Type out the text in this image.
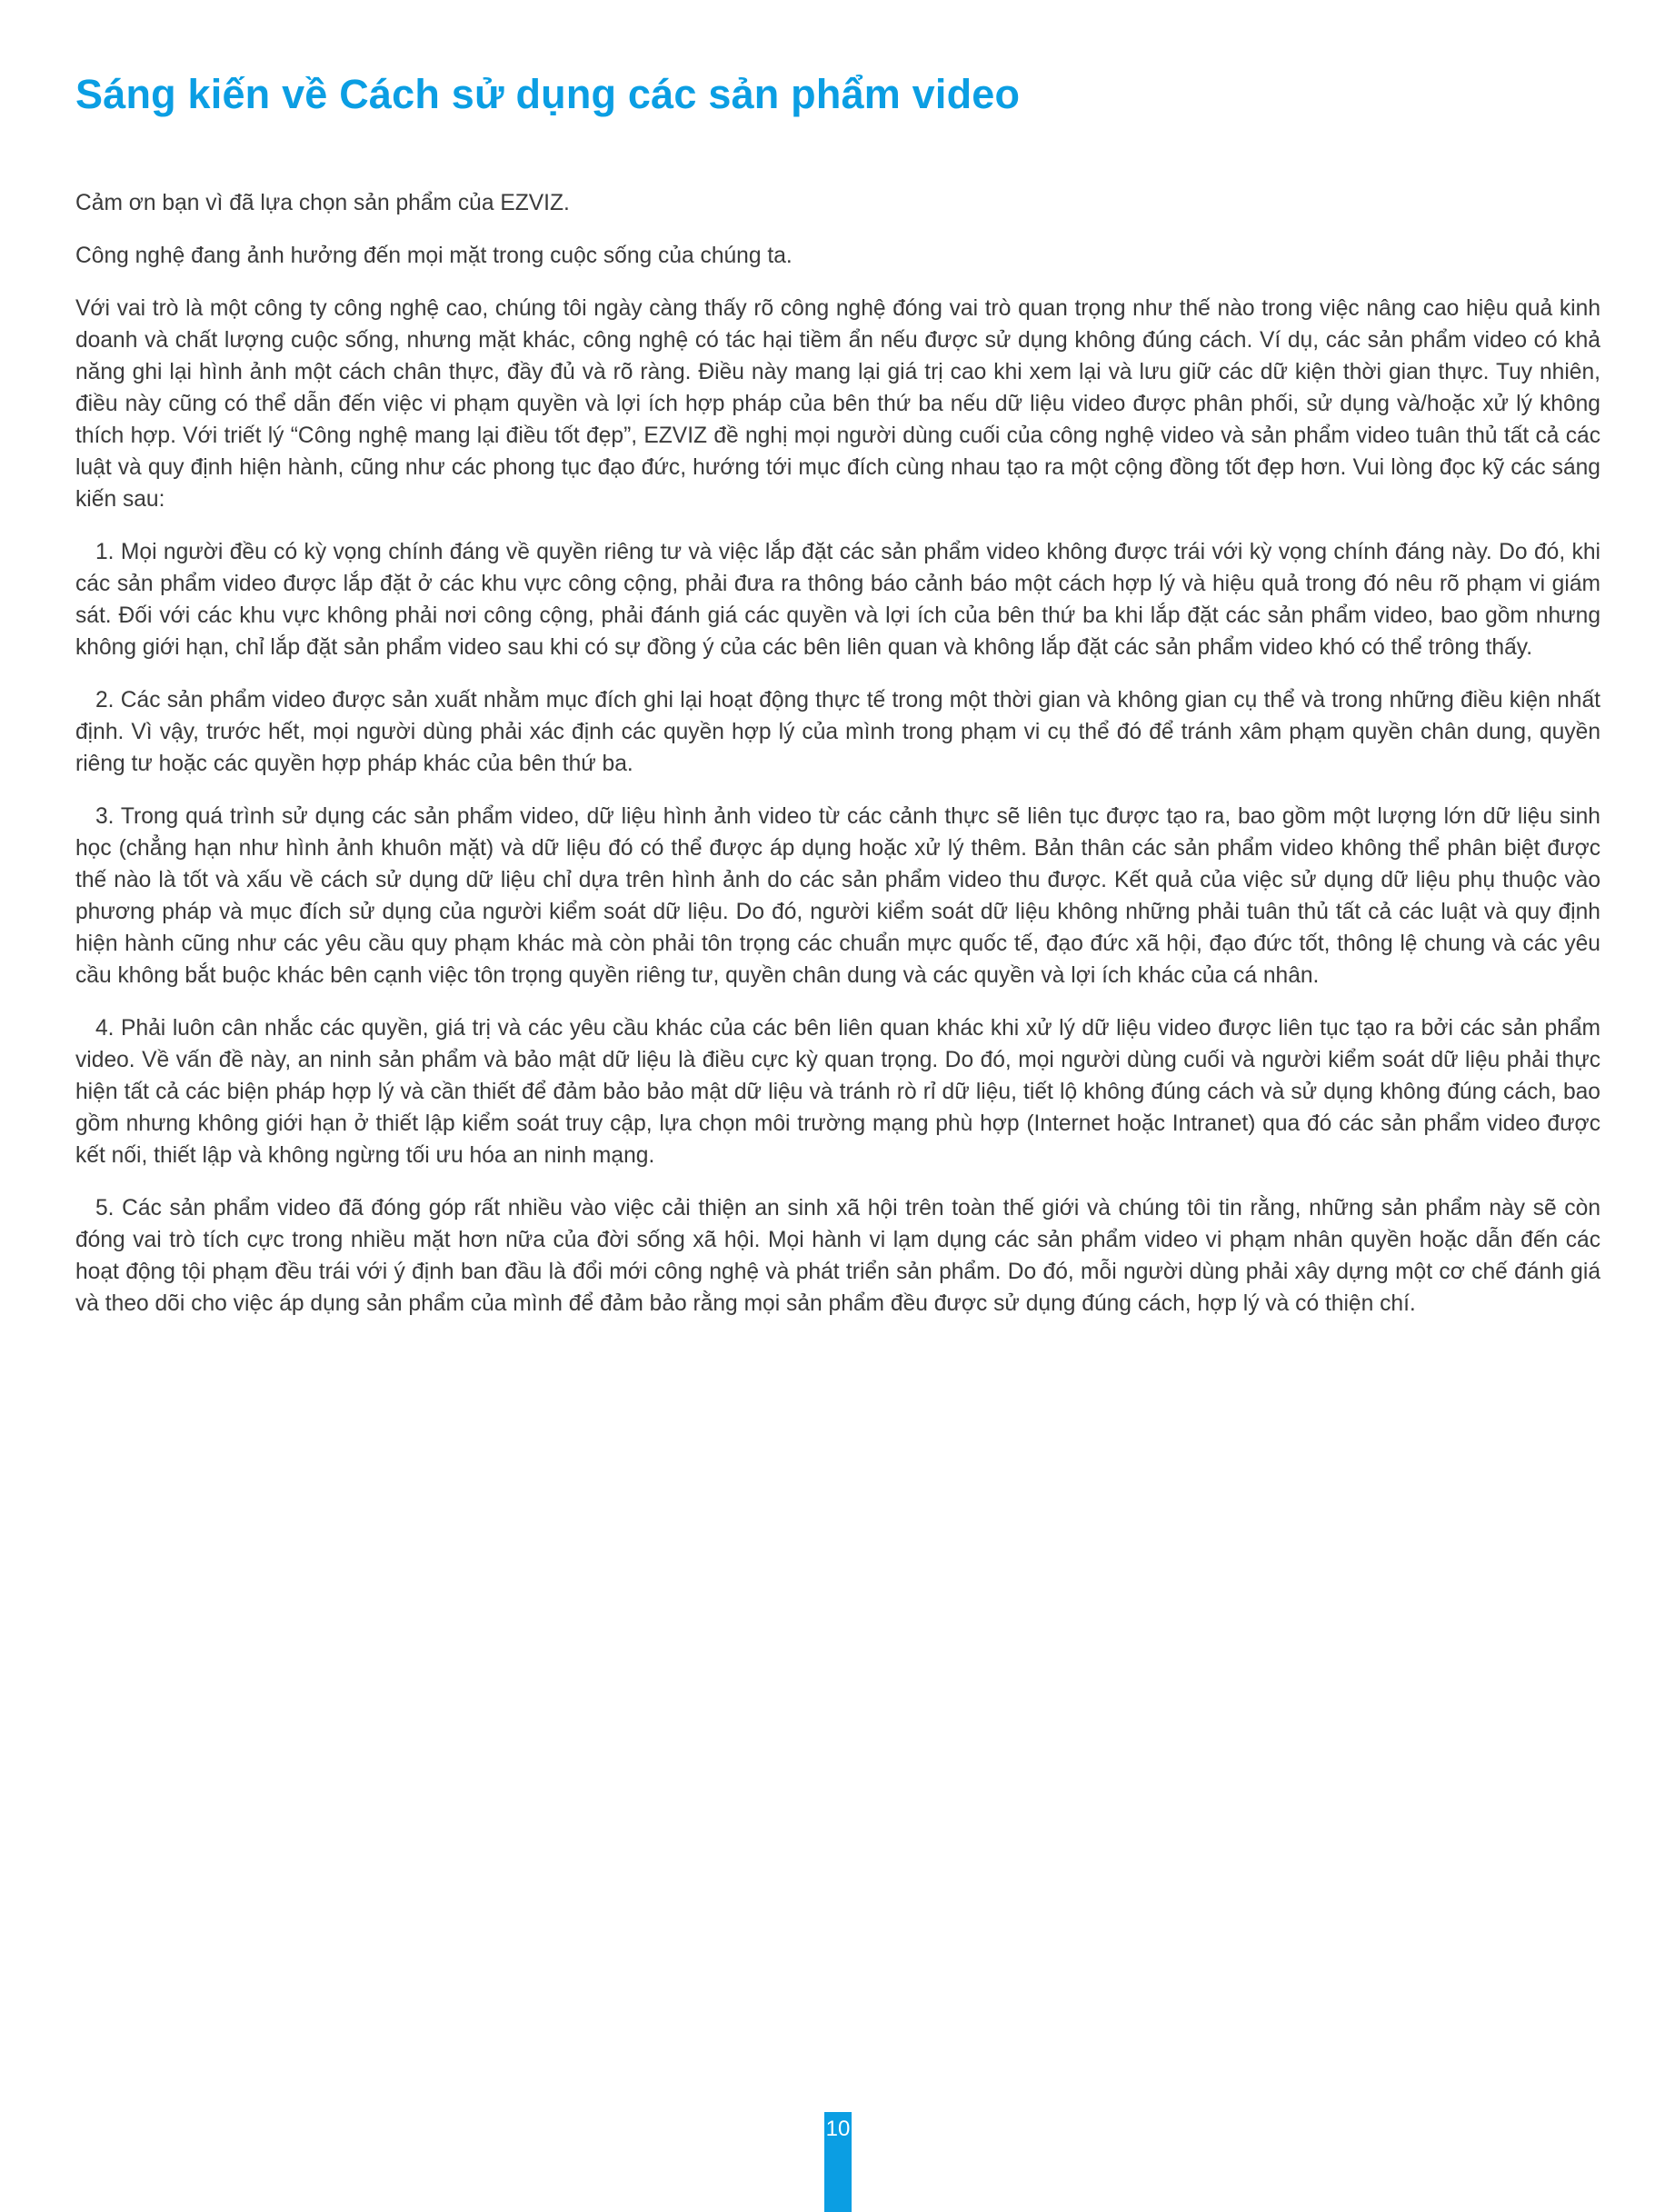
Sáng kiến về Cách sử dụng các sản phẩm video

Cảm ơn bạn vì đã lựa chọn sản phẩm của EZVIZ.

Công nghệ đang ảnh hưởng đến mọi mặt trong cuộc sống của chúng ta.

Với vai trò là một công ty công nghệ cao, chúng tôi ngày càng thấy rõ công nghệ đóng vai trò quan trọng như thế nào trong việc nâng cao hiệu quả kinh doanh và chất lượng cuộc sống, nhưng mặt khác, công nghệ có tác hại tiềm ẩn nếu được sử dụng không đúng cách. Ví dụ, các sản phẩm video có khả năng ghi lại hình ảnh một cách chân thực, đầy đủ và rõ ràng. Điều này mang lại giá trị cao khi xem lại và lưu giữ các dữ kiện thời gian thực. Tuy nhiên, điều này cũng có thể dẫn đến việc vi phạm quyền và lợi ích hợp pháp của bên thứ ba nếu dữ liệu video được phân phối, sử dụng và/hoặc xử lý không thích hợp. Với triết lý “Công nghệ mang lại điều tốt đẹp”, EZVIZ đề nghị mọi người dùng cuối của công nghệ video và sản phẩm video tuân thủ tất cả các luật và quy định hiện hành, cũng như các phong tục đạo đức, hướng tới mục đích cùng nhau tạo ra một cộng đồng tốt đẹp hơn. Vui lòng đọc kỹ các sáng kiến sau:

1. Mọi người đều có kỳ vọng chính đáng về quyền riêng tư và việc lắp đặt các sản phẩm video không được trái với kỳ vọng chính đáng này. Do đó, khi các sản phẩm video được lắp đặt ở các khu vực công cộng, phải đưa ra thông báo cảnh báo một cách hợp lý và hiệu quả trong đó nêu rõ phạm vi giám sát. Đối với các khu vực không phải nơi công cộng, phải đánh giá các quyền và lợi ích của bên thứ ba khi lắp đặt các sản phẩm video, bao gồm nhưng không giới hạn, chỉ lắp đặt sản phẩm video sau khi có sự đồng ý của các bên liên quan và không lắp đặt các sản phẩm video khó có thể trông thấy.

2. Các sản phẩm video được sản xuất nhằm mục đích ghi lại hoạt động thực tế trong một thời gian và không gian cụ thể và trong những điều kiện nhất định. Vì vậy, trước hết, mọi người dùng phải xác định các quyền hợp lý của mình trong phạm vi cụ thể đó để tránh xâm phạm quyền chân dung, quyền riêng tư hoặc các quyền hợp pháp khác của bên thứ ba.

3. Trong quá trình sử dụng các sản phẩm video, dữ liệu hình ảnh video từ các cảnh thực sẽ liên tục được tạo ra, bao gồm một lượng lớn dữ liệu sinh học (chẳng hạn như hình ảnh khuôn mặt) và dữ liệu đó có thể được áp dụng hoặc xử lý thêm. Bản thân các sản phẩm video không thể phân biệt được thế nào là tốt và xấu về cách sử dụng dữ liệu chỉ dựa trên hình ảnh do các sản phẩm video thu được. Kết quả của việc sử dụng dữ liệu phụ thuộc vào phương pháp và mục đích sử dụng của người kiểm soát dữ liệu. Do đó, người kiểm soát dữ liệu không những phải tuân thủ tất cả các luật và quy định hiện hành cũng như các yêu cầu quy phạm khác mà còn phải tôn trọng các chuẩn mực quốc tế, đạo đức xã hội, đạo đức tốt, thông lệ chung và các yêu cầu không bắt buộc khác bên cạnh việc tôn trọng quyền riêng tư, quyền chân dung và các quyền và lợi ích khác của cá nhân.

4. Phải luôn cân nhắc các quyền, giá trị và các yêu cầu khác của các bên liên quan khác khi xử lý dữ liệu video được liên tục tạo ra bởi các sản phẩm video. Về vấn đề này, an ninh sản phẩm và bảo mật dữ liệu là điều cực kỳ quan trọng. Do đó, mọi người dùng cuối và người kiểm soát dữ liệu phải thực hiện tất cả các biện pháp hợp lý và cần thiết để đảm bảo bảo mật dữ liệu và tránh rò rỉ dữ liệu, tiết lộ không đúng cách và sử dụng không đúng cách, bao gồm nhưng không giới hạn ở thiết lập kiểm soát truy cập, lựa chọn môi trường mạng phù hợp (Internet hoặc Intranet) qua đó các sản phẩm video được kết nối, thiết lập và không ngừng tối ưu hóa an ninh mạng.

5. Các sản phẩm video đã đóng góp rất nhiều vào việc cải thiện an sinh xã hội trên toàn thế giới và chúng tôi tin rằng, những sản phẩm này sẽ còn đóng vai trò tích cực trong nhiều mặt hơn nữa của đời sống xã hội. Mọi hành vi lạm dụng các sản phẩm video vi phạm nhân quyền hoặc dẫn đến các hoạt động tội phạm đều trái với ý định ban đầu là đổi mới công nghệ và phát triển sản phẩm. Do đó, mỗi người dùng phải xây dựng một cơ chế đánh giá và theo dõi cho việc áp dụng sản phẩm của mình để đảm bảo rằng mọi sản phẩm đều được sử dụng đúng cách, hợp lý và có thiện chí.

10
